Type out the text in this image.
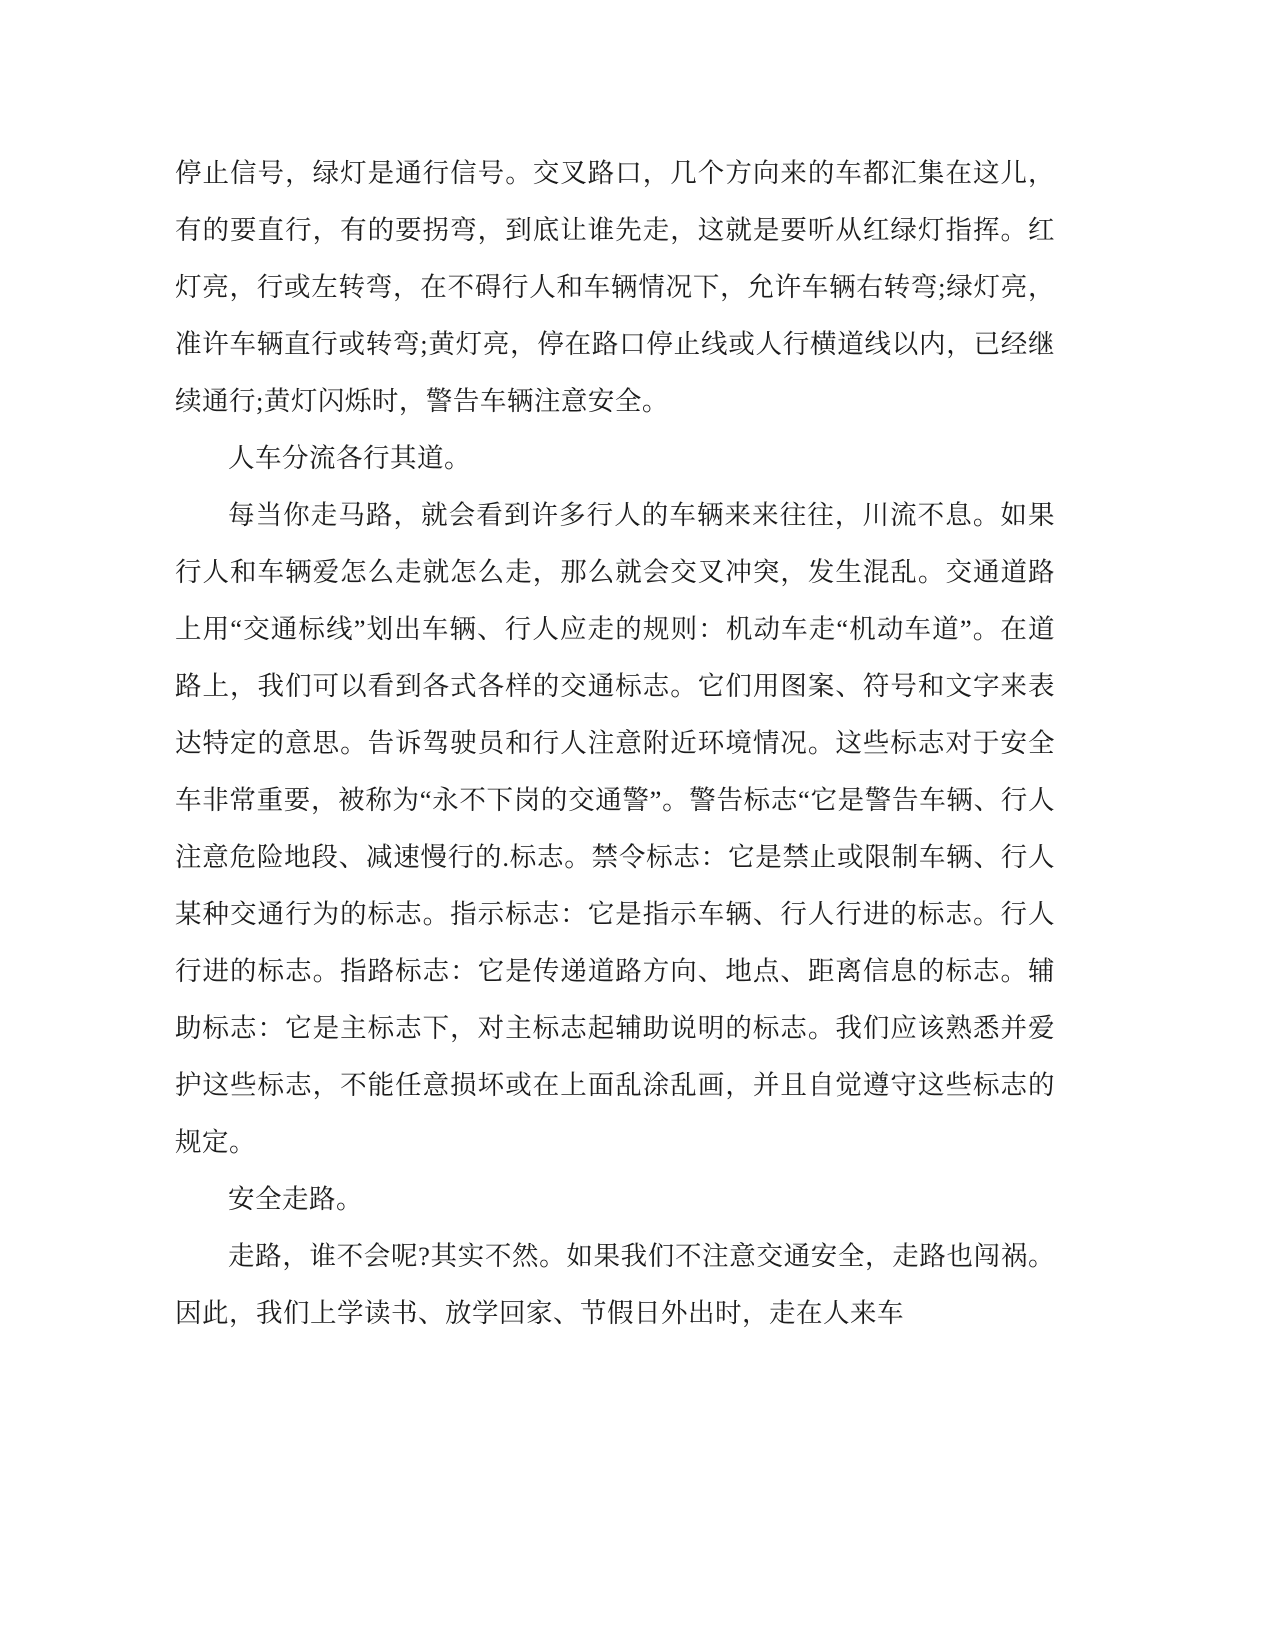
停止信号，绿灯是通行信号。交叉路口，几个方向来的车都汇集在这儿，有的要直行，有的要拐弯，到底让谁先走，这就是要听从红绿灯指挥。红灯亮，行或左转弯，在不碍行人和车辆情况下，允许车辆右转弯;绿灯亮，准许车辆直行或转弯;黄灯亮，停在路口停止线或人行横道线以内，已经继续通行;黄灯闪烁时，警告车辆注意安全。

人车分流各行其道。

每当你走马路，就会看到许多行人的车辆来来往往，川流不息。如果行人和车辆爱怎么走就怎么走，那么就会交叉冲突，发生混乱。交通道路上用“交通标线”划出车辆、行人应走的规则：机动车走“机动车道”。在道路上，我们可以看到各式各样的交通标志。它们用图案、符号和文字来表达特定的意思。告诉驾驶员和行人注意附近环境情况。这些标志对于安全车非常重要，被称为“永不下岗的交通警”。警告标志“它是警告车辆、行人注意危险地段、减速慢行的.标志。禁令标志：它是禁止或限制车辆、行人某种交通行为的标志。指示标志：它是指示车辆、行人行进的标志。行人行进的标志。指路标志：它是传递道路方向、地点、距离信息的标志。辅助标志：它是主标志下，对主标志起辅助说明的标志。我们应该熟悉并爱护这些标志，不能任意损坏或在上面乱涂乱画，并且自觉遵守这些标志的规定。

安全走路。

走路，谁不会呢?其实不然。如果我们不注意交通安全，走路也闯祸。因此，我们上学读书、放学回家、节假日外出时，走在人来车
